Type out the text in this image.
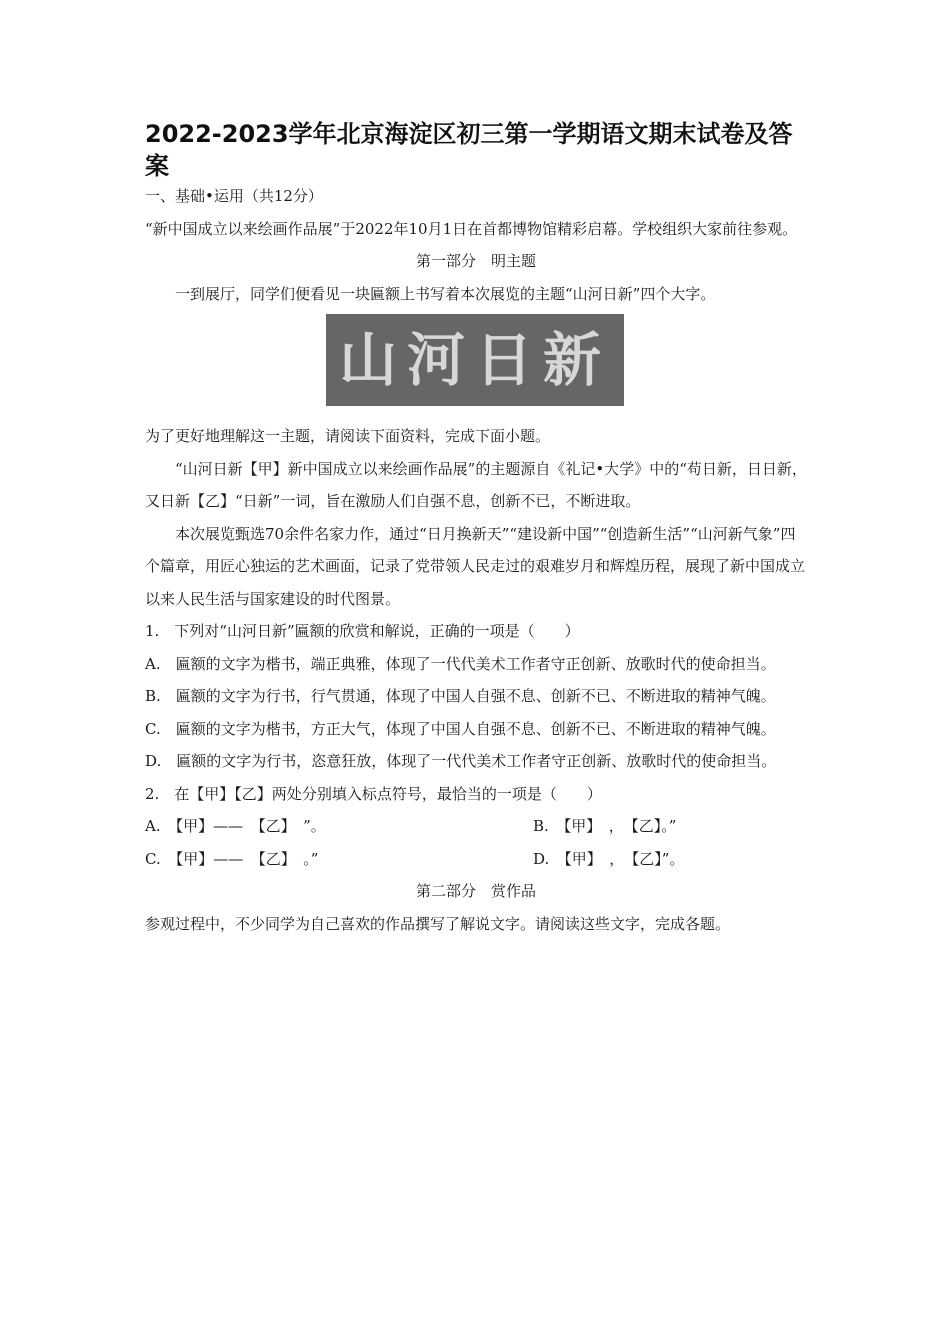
2022-2023学年北京海淀区初三第一学期语文期末试卷及答案

一、基础•运用（共12分）

“新中国成立以来绘画作品展”于2022年10月1日在首都博物馆精彩启幕。学校组织大家前往参观。

第一部分　明主题

一到展厅，同学们便看见一块匾额上书写着本次展览的主题“山河日新”四个大字。

山河日新

为了更好地理解这一主题，请阅读下面资料，完成下面小题。

“山河日新【甲】新中国成立以来绘画作品展”的主题源自《礼记•大学》中的“苟日新，日日新，又日新【乙】“日新”一词，旨在激励人们自强不息，创新不已，不断进取。

本次展览甄选70余件名家力作，通过“日月换新天”“建设新中国”“创造新生活”“山河新气象”四个篇章，用匠心独运的艺术画面，记录了党带领人民走过的艰难岁月和辉煌历程，展现了新中国成立以来人民生活与国家建设的时代图景。

1.　下列对“山河日新”匾额的欣赏和解说，正确的一项是（　　）

A.　匾额的文字为楷书，端正典雅，体现了一代代美术工作者守正创新、放歌时代的使命担当。

B.　匾额的文字为行书，行气贯通，体现了中国人自强不息、创新不已、不断进取的精神气魄。

C.　匾额的文字为楷书，方正大气，体现了中国人自强不息、创新不已、不断进取的精神气魄。

D.　匾额的文字为行书，恣意狂放，体现了一代代美术工作者守正创新、放歌时代的使命担当。

2.　在【甲】【乙】两处分别填入标点符号，最恰当的一项是（　　）

A.　【甲】——　【乙】　”。	B.　【甲】　，　【乙】。”
C.　【甲】——　【乙】　。”	D.　【甲】　，　【乙】”。

第二部分　赏作品

参观过程中，不少同学为自己喜欢的作品撰写了解说文字。请阅读这些文字，完成各题。
